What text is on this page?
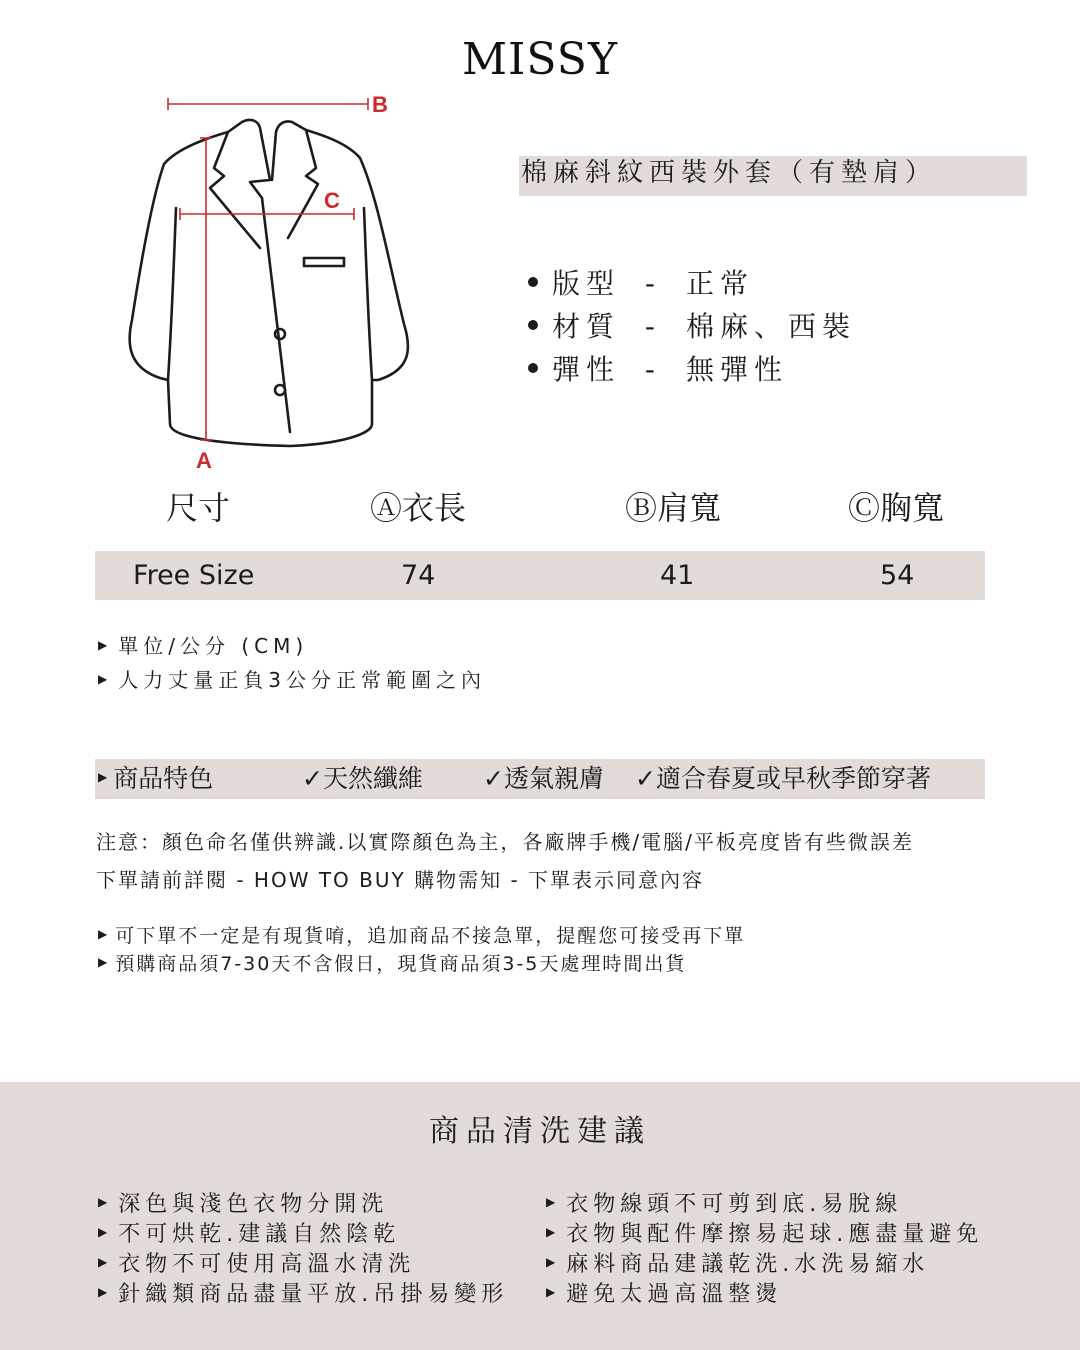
MISSY
A
B
C
棉麻斜紋西裝外套（有墊肩）
版型 - 正常
材質 - 棉麻、西裝
彈性 - 無彈性
尺寸	Ⓐ衣長	Ⓑ肩寬	Ⓒ胸寬
Free Size	74	41	54
▶ 單位/公分 (CM)
▶ 人力丈量正負3公分正常範圍之內
▶ 商品特色	✓天然纖維 ✓透氣親膚 ✓適合春夏或早秋季節穿著
注意：顏色命名僅供辨識.以實際顏色為主，各廠牌手機/電腦/平板亮度皆有些微誤差
下單請前詳閱 - HOW TO BUY 購物需知 - 下單表示同意內容
▶ 可下單不一定是有現貨唷，追加商品不接急單，提醒您可接受再下單
▶ 預購商品須7-30天不含假日，現貨商品須3-5天處理時間出貨
商品清洗建議
▶ 深色與淺色衣物分開洗
▶ 不可烘乾.建議自然陰乾
▶ 衣物不可使用高溫水清洗
▶ 針織類商品盡量平放.吊掛易變形
▶ 衣物線頭不可剪到底.易脫線
▶ 衣物與配件摩擦易起球.應盡量避免
▶ 麻料商品建議乾洗.水洗易縮水
▶ 避免太過高溫整燙
